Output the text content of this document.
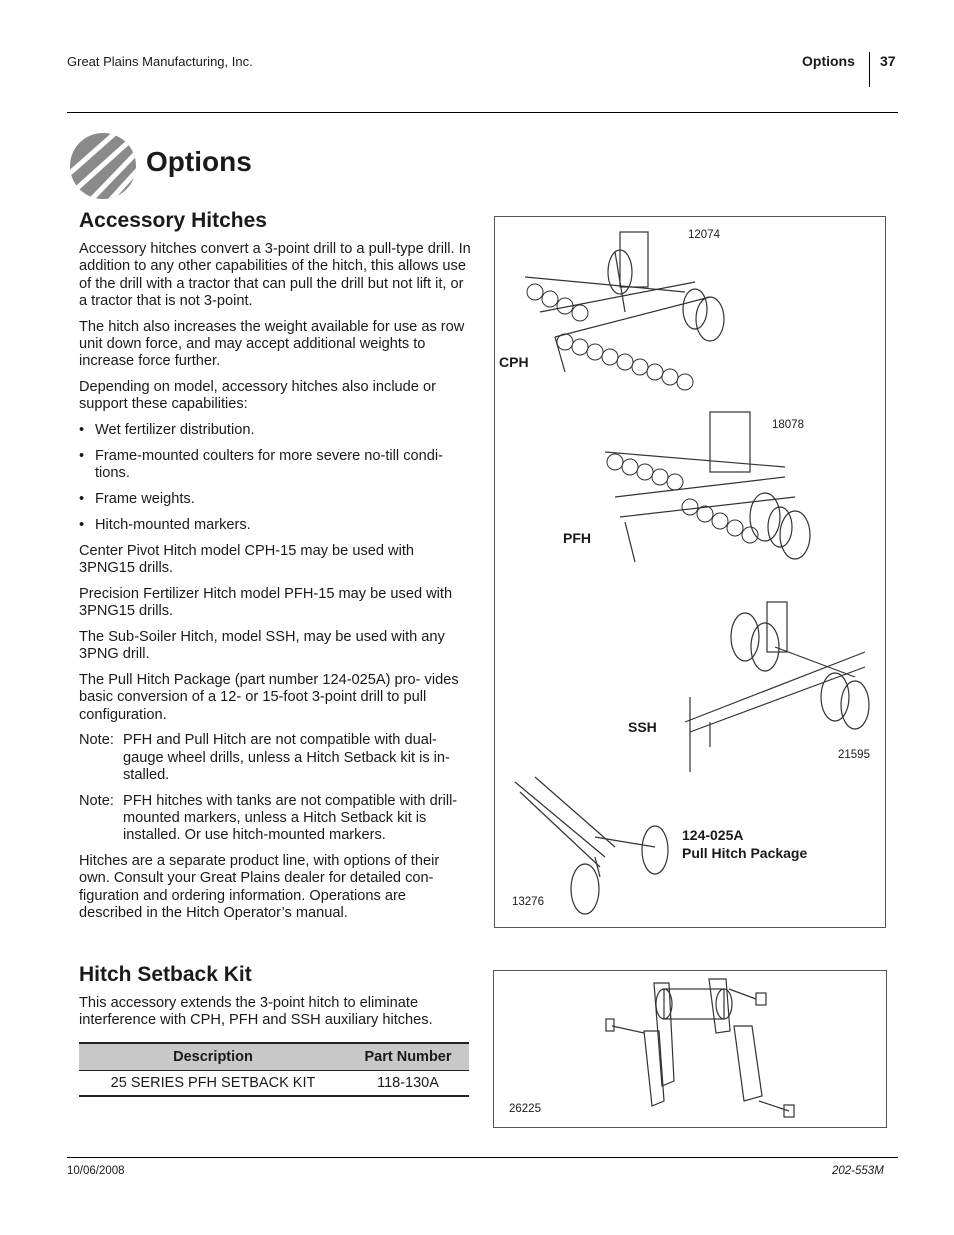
Great Plains Manufacturing, Inc.	Options 37
Options
Accessory Hitches

Accessory hitches convert a 3-point drill to a pull-type drill. In addition to any other capabilities of the hitch, this allows use of the drill with a tractor that can pull the drill but not lift it, or a tractor that is not 3-point.

The hitch also increases the weight available for use as row unit down force, and may accept additional weights to increase force further.

Depending on model, accessory hitches also include or support these capabilities:

• Wet fertilizer distribution.
• Frame-mounted coulters for more severe no-till condi- tions.
• Frame weights.
• Hitch-mounted markers.

Center Pivot Hitch model CPH-15 may be used with 3PNG15 drills.

Precision Fertilizer Hitch model PFH-15 may be used with 3PNG15 drills.

The Sub-Soiler Hitch, model SSH, may be used with any 3PNG drill.

The Pull Hitch Package (part number 124-025A) pro- vides basic conversion of a 12- or 15-foot 3-point drill to pull configuration.

Note: PFH and Pull Hitch are not compatible with dual- gauge wheel drills, unless a Hitch Setback kit is in- stalled.
Note: PFH hitches with tanks are not compatible with drill-mounted markers, unless a Hitch Setback kit is installed. Or use hitch-mounted markers.

Hitches are a separate product line, with options of their own. Consult your Great Plains dealer for detailed con- figuration and ordering information. Operations are described in the Hitch Operator’s manual.

12074
CPH
18078
PFH
SSH
21595
124-025A
Pull Hitch Package
13276
Hitch Setback Kit

This accessory extends the 3-point hitch to eliminate interference with CPH, PFH and SSH auxiliary hitches.

Description	Part Number
25 SERIES PFH SETBACK KIT	118-130A
26225
10/06/2008	202-553M
